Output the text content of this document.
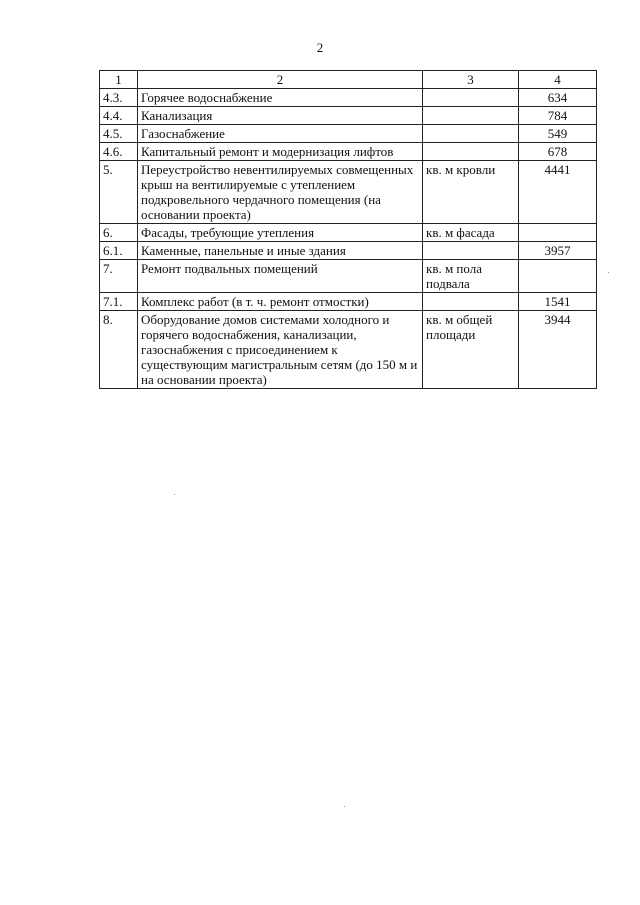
2
1	2	3	4
4.3.	Горячее водоснабжение		634
4.4.	Канализация		784
4.5.	Газоснабжение		549
4.6.	Капитальный ремонт и модернизация лифтов		678
5.	Переустройство невентилируемых совмещенных крыш на вентилируемые с утеплением подкровельного чердачного помещения (на основании проекта)	кв. м кровли	4441
6.	Фасады, требующие утепления	кв. м фасада	
6.1.	Каменные, панельные и иные здания		3957
7.	Ремонт подвальных помещений	кв. м пола подвала	
7.1.	Комплекс работ (в т. ч. ремонт отмостки)		1541
8.	Оборудование домов системами холодного и горячего водоснабжения, канализации, газоснабжения с присоединением к существующим магистральным сетям (до 150 м и на основании проекта)	кв. м общей площади	3944
